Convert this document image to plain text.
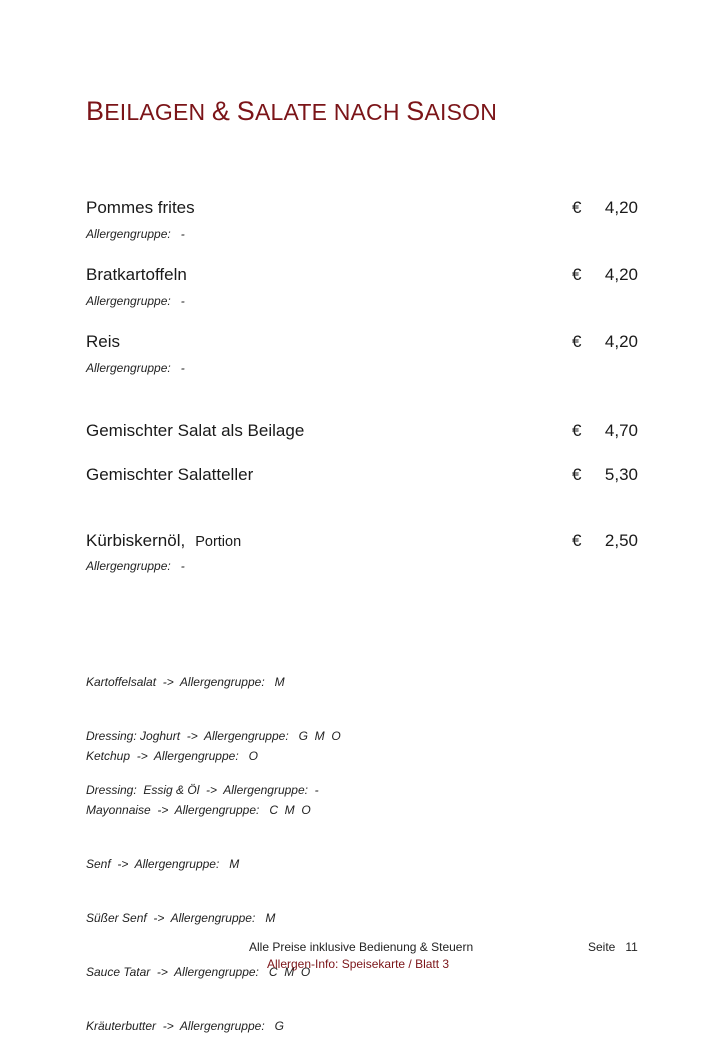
BEILAGEN & SALATE NACH SAISON
Pommes frites	€ 4,20
Allergengruppe:   -
Bratkartoffeln	€ 4,20
Allergengruppe:   -
Reis	€ 4,20
Allergengruppe:   -
Gemischter Salat als Beilage	€ 4,70
Gemischter Salatteller	€ 5,30
Kürbiskernöl, Portion	€ 2,50
Allergengruppe:   -

Kartoffelsalat  ->  Allergengruppe:   M

Dressing: Joghurt  ->  Allergengruppe:   G  M  O

Dressing:  Essig & Öl  ->  Allergengruppe:  -

Ketchup  ->  Allergengruppe:   O

Mayonnaise  ->  Allergengruppe:   C  M  O

Senf  ->  Allergengruppe:   M

Süßer Senf  ->  Allergengruppe:   M

Sauce Tatar  ->  Allergengruppe:   C  M  O

Kräuterbutter  ->  Allergengruppe:   G

Alle Preise inklusive Bedienung & Steuern
Allergen-Info: Speisekarte / Blatt 3
Seite   11
